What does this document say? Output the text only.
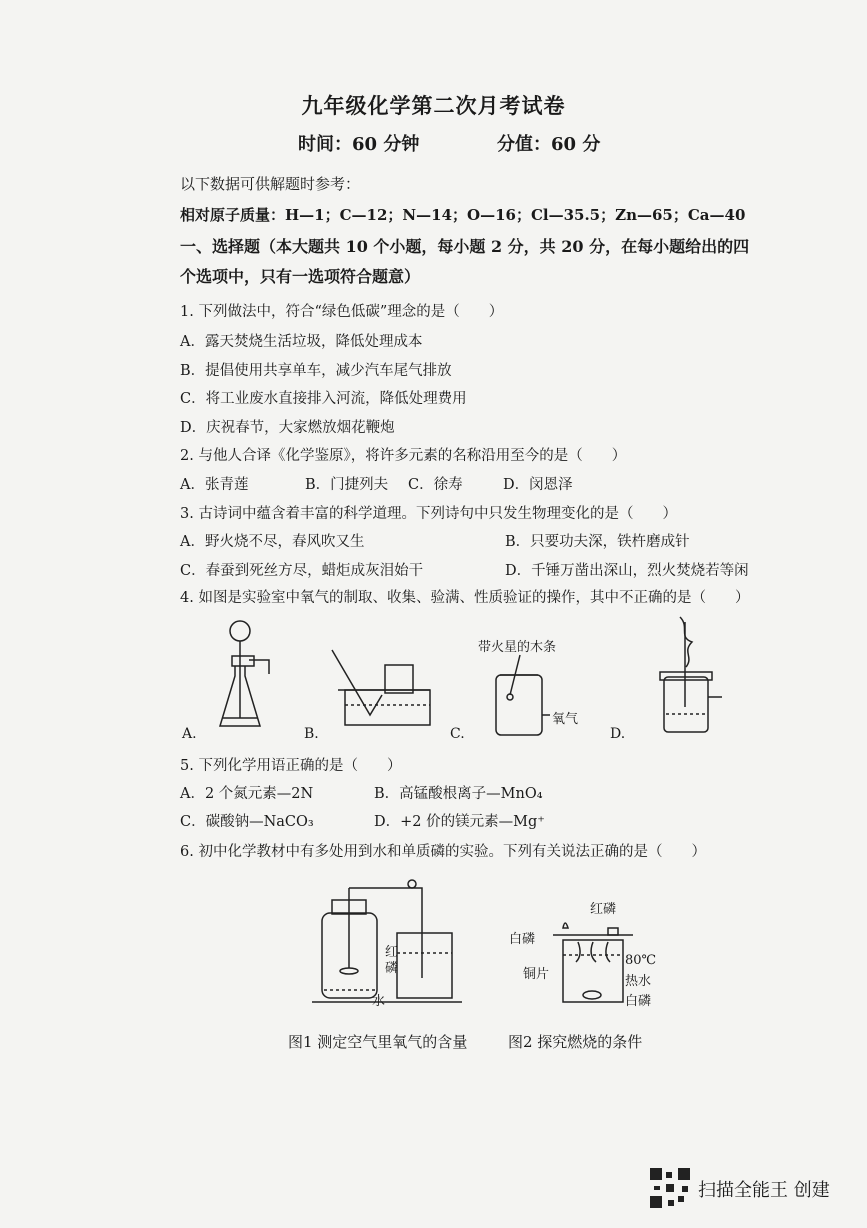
九年级化学第二次月考试卷
时间：60 分钟	分值：60 分
以下数据可供解题时参考：
相对原子质量：H—1；C—12；N—14；O—16；Cl—35.5；Zn—65；Ca—40
一、选择题（本大题共 10 个小题，每小题 2 分，共 20 分，在每小题给出的四
个选项中，只有一选项符合题意）
1. 下列做法中，符合“绿色低碳”理念的是（　　）
A．露天焚烧生活垃圾，降低处理成本
B．提倡使用共享单车，减少汽车尾气排放
C．将工业废水直接排入河流，降低处理费用
D．庆祝春节，大家燃放烟花鞭炮
2. 与他人合译《化学鉴原》，将许多元素的名称沿用至今的是（　　）
A．张青莲	B．门捷列夫 C．徐寿	D．闵恩泽
3. 古诗词中蕴含着丰富的科学道理。下列诗句中只发生物理变化的是（　　）
A．野火烧不尽，春风吹又生	B．只要功夫深，铁杵磨成针
C．春蚕到死丝方尽，蜡炬成灰泪始干	D．千锤万凿出深山，烈火焚烧若等闲
4. 如图是实验室中氧气的制取、收集、验满、性质验证的操作，其中不正确的是（　　）
A.	B.	C.
带火星的木条
氧气
D.
5. 下列化学用语正确的是（　　）
A．2 个氮元素—2N	B．高锰酸根离子—MnO₄
C．碳酸钠—NaCO₃	D．+2 价的镁元素—Mg⁺
6. 初中化学教材中有多处用到水和单质磷的实验。下列有关说法正确的是（　　）
红磷
水
红磷
白磷
铜片
80℃
热水
白磷
图1 测定空气里氧气的含量	图2 探究燃烧的条件
扫描全能王 创建
